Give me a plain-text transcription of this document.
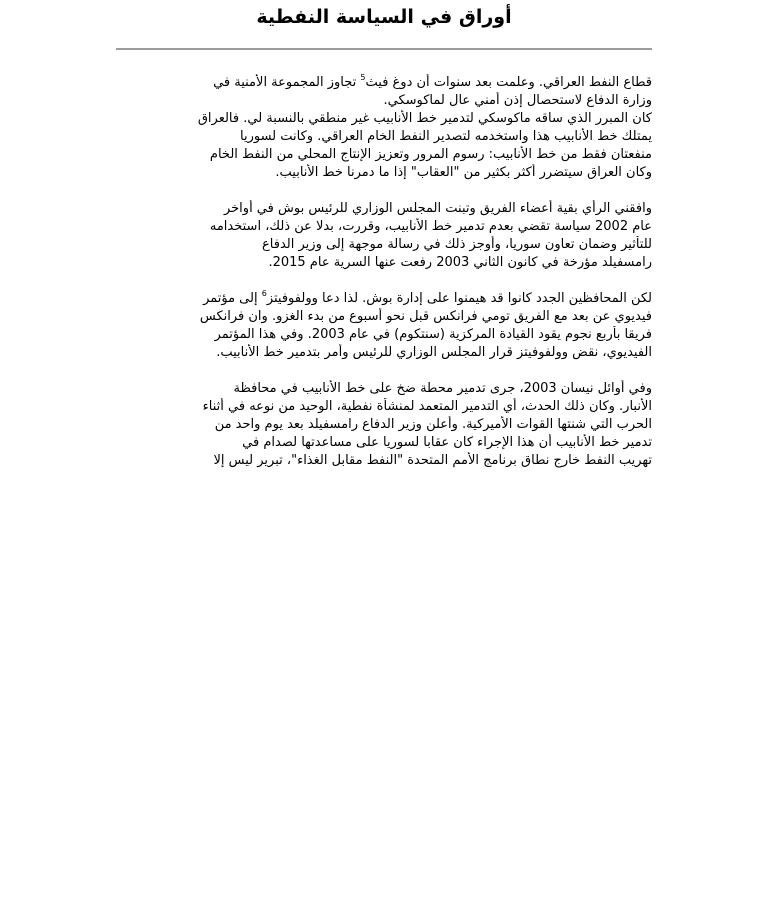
أوراق في السياسة النفطية

قطاع النفط العراقي. وعلمت بعد سنوات أن دوغ فيث$^5$ تجاوز المجموعة الأمنية في
وزارة الدفاع لاستحصال إذن أمني عال لماكوسكي.
كان المبرر الذي ساقه ماكوسكي لتدمير خط الأنابيب غير منطقي بالنسبة لي. فالعراق
يمتلك خط الأنابيب هذا واستخدمه لتصدير النفط الخام العراقي. وكانت لسوريا
منفعتان فقط من خط الأنابيب: رسوم المرور وتعزيز الإنتاج المحلي من النفط الخام
وكان العراق سيتضرر أكثر بكثير من "العقاب" إذا ما دمرنا خط الأنابيب.

وافقني الرأي بقية أعضاء الفريق وتبنت المجلس الوزاري للرئيس بوش في أواخر
عام 2002 سياسة تقضي بعدم تدمير خط الأنابيب، وقررت، بدلا عن ذلك، استخدامه
للتأثير وضمان تعاون سوريا، وأوجز ذلك في رسالة موجهة إلى وزير الدفاع
رامسفيلد مؤرخة في كانون الثاني 2003 رفعت عنها السرية عام 2015.

لكن المحافظين الجدد كانوا قد هيمنوا على إدارة بوش. لذا دعا وولفوفيتز$^6$ إلى مؤتمر
فيديوي عن بعد مع الفريق تومي فرانكس قبل نحو أسبوع من بدء الغزو. وان فرانكس
فريقا بأربع نجوم يقود القيادة المركزية (سنتكوم) في عام 2003. وفي هذا المؤتمر
الفيديوي، نقض وولفوفيتز قرار المجلس الوزاري للرئيس وأمر بتدمير خط الأنابيب.

وفي أوائل نيسان 2003، جرى تدمير محطة ضخ على خط الأنابيب في محافظة
الأنبار. وكان ذلك الحدث، أي التدمير المتعمد لمنشأة نفطية، الوحيد من نوعه في أثناء
الحرب التي شنتها القوات الأميركية. وأعلن وزير الدفاع رامسفيلد بعد يوم واحد من
تدمير خط الأنابيب أن هذا الإجراء كان عقابا لسوريا على مساعدتها لصدام في
تهريب النفط خارج نطاق برنامج الأمم المتحدة "النفط مقابل الغذاء"، تبرير ليس إلا
